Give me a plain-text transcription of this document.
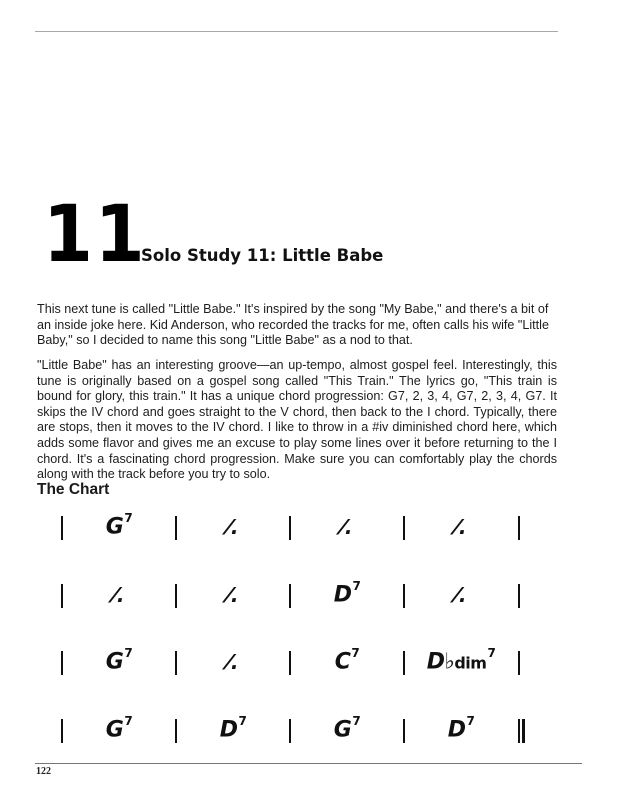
11
Solo Study 11: Little Babe

This next tune is called "Little Babe." It's inspired by the song "My Babe," and there's a bit of an inside joke here. Kid Anderson, who recorded the tracks for me, often calls his wife "Little Baby," so I decided to name this song "Little Babe" as a nod to that.

"Little Babe" has an interesting groove—an up-tempo, almost gospel feel. Interestingly, this tune is originally based on a gospel song called "This Train." The lyrics go, "This train is bound for glory, this train." It has a unique chord progression: G7, 2, 3, 4, G7, 2, 3, 4, G7. It skips the IV chord and goes straight to the V chord, then back to the I chord. Typically, there are stops, then it moves to the IV chord. I like to throw in a #iv diminished chord here, which adds some flavor and gives me an excuse to play some lines over it before returning to the I chord. It's a fascinating chord progression. Make sure you can comfortably play the chords along with the track before you try to solo.

The Chart
$G^7$	⁄.	⁄.	⁄.
⁄.	⁄.	$D^7$	⁄.
$G^7$	⁄.	$C^7$	D♭dim$^7$
$G^7$	$D^7$	$G^7$	$D^7$
122
